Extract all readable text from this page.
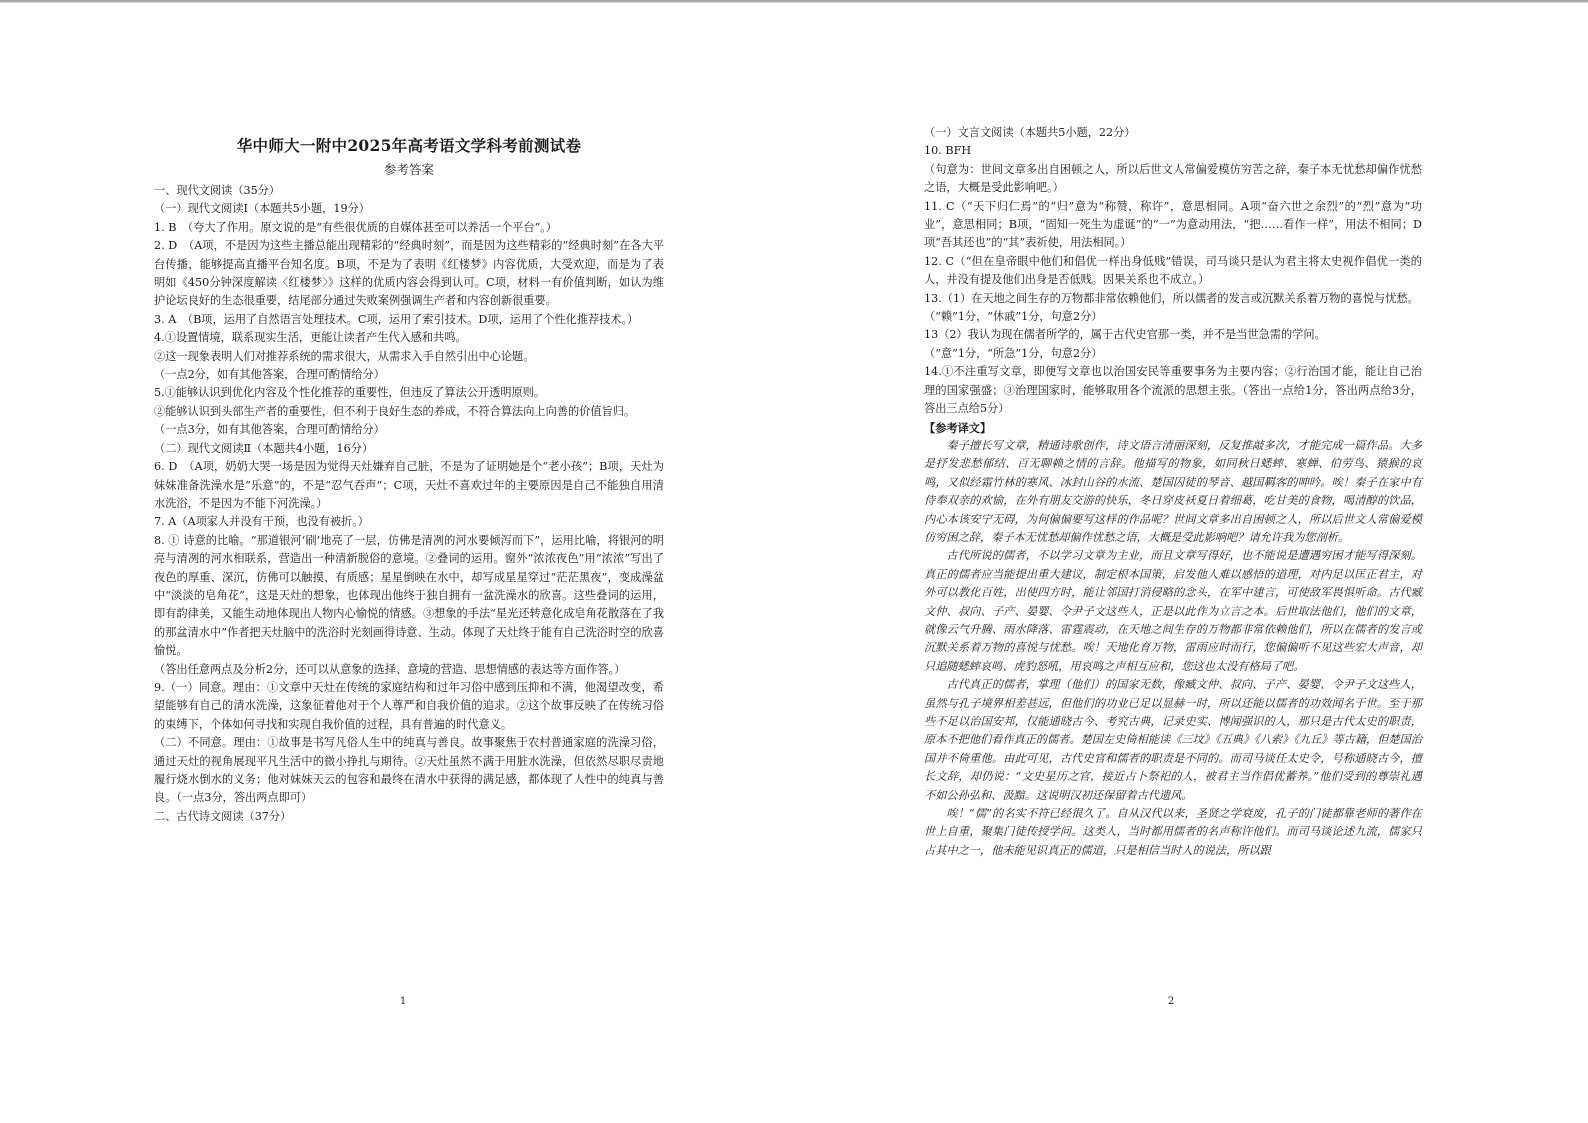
华中师大一附中2025年高考语文学科考前测试卷
参考答案

一、现代文阅读（35分）

（一）现代文阅读Ⅰ（本题共5小题，19分）

1. B　（夸大了作用。原文说的是“有些很优质的自媒体甚至可以养活一个平台”。）

2. D　（A项，不是因为这些主播总能出现精彩的“经典时刻”，而是因为这些精彩的“经典时刻”在各大平台传播，能够提高直播平台知名度。B项，不是为了表明《红楼梦》内容优质，大受欢迎，而是为了表明如《450分钟深度解读〈红楼梦〉》这样的优质内容会得到认可。C项，材料一有价值判断，如认为维护论坛良好的生态很重要，结尾部分通过失败案例强调生产者和内容创新很重要。

3. A　（B项，运用了自然语言处理技术。C项，运用了索引技术。D项，运用了个性化推荐技术。）

4.①设置情境，联系现实生活，更能让读者产生代入感和共鸣。

②这一现象表明人们对推荐系统的需求很大，从需求入手自然引出中心论题。

（一点2分，如有其他答案，合理可酌情给分）

5.①能够认识到优化内容及个性化推荐的重要性，但违反了算法公开透明原则。

②能够认识到头部生产者的重要性，但不利于良好生态的养成，不符合算法向上向善的价值旨归。

（一点3分，如有其他答案，合理可酌情给分）

（二）现代文阅读Ⅱ（本题共4小题，16分）

6. D　（A项，奶奶大哭一场是因为觉得天灶嫌弃自己脏，不是为了证明她是个“老小孩”；B项，天灶为妹妹准备洗澡水是“乐意”的，不是“忍气吞声”；C项，天灶不喜欢过年的主要原因是自己不能独自用清水洗浴，不是因为不能下河洗澡。）

7. A（A项家人并没有干预，也没有被折。）

8. ① 诗意的比喻。“那道银河‘刷’地亮了一层，仿佛是清冽的河水要倾泻而下”，运用比喻，将银河的明亮与清冽的河水相联系，营造出一种清新脱俗的意境。②叠词的运用。窗外“浓浓夜色”用“浓浓”写出了夜色的厚重、深沉，仿佛可以触摸、有质感；星星倒映在水中，却写成星星穿过“茫茫黑夜”，变成澡盆中“淡淡的皂角花”，这是天灶的想象，也体现出他终于独自拥有一盆洗澡水的欣喜。这些叠词的运用，即有韵律美，又能生动地体现出人物内心愉悦的情感。③想象的手法“星光还转意化成皂角花散落在了我的那盆清水中”作者把天灶脑中的洗浴时光刻画得诗意、生动。体现了天灶终于能有自己洗浴时空的欣喜愉悦。

（答出任意两点及分析2分，还可以从意象的选择、意境的营造、思想情感的表达等方面作答。）

9.（一）同意。理由：①文章中天灶在传统的家庭结构和过年习俗中感到压抑和不满，他渴望改变，希望能够有自己的清水洗澡，这象征着他对于个人尊严和自我价值的追求。②这个故事反映了在传统习俗的束缚下，个体如何寻找和实现自我价值的过程，具有普遍的时代意义。

（二）不同意。理由：①故事是书写凡俗人生中的纯真与善良。故事聚焦于农村普通家庭的洗澡习俗，通过天灶的视角展现平凡生活中的微小挣扎与期待。②天灶虽然不满于用脏水洗澡，但依然尽职尽责地履行烧水倒水的义务；他对妹妹天云的包容和最终在清水中获得的满足感，都体现了人性中的纯真与善良。（一点3分，答出两点即可）

二、古代诗文阅读（37分）

1

（一）文言文阅读（本题共5小题，22分）

10. BFH

（句意为：世间文章多出自困顿之人，所以后世文人常偏爱模仿穷苦之辞，秦子本无忧愁却偏作忧愁之语，大概是受此影响吧。）

11. C（“天下归仁焉”的“归”意为“称赞，称许”，意思相同。A项“奋六世之余烈”的“烈”意为“功业”，意思相同；B项，“固知一死生为虚诞”的“一”为意动用法，“把……看作一样”，用法不相同；D项“吾其还也”的“其”表祈使，用法相同。）

12. C（“但在皇帝眼中他们和倡优一样出身低贱”错误，司马谈只是认为君主将太史视作倡优一类的人，并没有提及他们出身是否低贱。因果关系也不成立。）

13.（1）在天地之间生存的万物都非常依赖他们，所以儒者的发言或沉默关系着万物的喜悦与忧愁。

（“赖”1分，“休戚”1分，句意2分）

13（2）我认为现在儒者所学的，属于古代史官那一类，并不是当世急需的学问。

（“意”1分，“所急”1分，句意2分）

14.①不注重写文章，即便写文章也以治国安民等重要事务为主要内容；②行治国才能，能让自己治理的国家强盛；③治理国家时，能够取用各个流派的思想主张。（答出一点给1分，答出两点给3分，答出三点给5分）

【参考译文】

秦子擅长写文章，精通诗歌创作，诗文语言清丽深刻，反复推敲多次，才能完成一篇作品。大多是抒发悲愁郁结、百无聊赖之情的言辞。他描写的物象，如同秋日蟋蟀、寒蝉、伯劳鸟、猿猴的哀鸣，又似经霜竹林的寒风、冰封山谷的水流、楚国囚徒的琴音、越国羁客的呻吟。唉！秦子在家中有侍奉双亲的欢愉，在外有朋友交游的快乐，冬日穿皮袄夏日着细葛，吃甘美的食物，喝清醇的饮品，内心本该安宁无碍，为何偏偏要写这样的作品呢？世间文章多出自困顿之人，所以后世文人常偏爱模仿穷困之辞，秦子本无忧愁却偏作忧愁之语，大概是受此影响吧？请允许我为您剖析。

古代所说的儒者，不以学习文章为主业，而且文章写得好，也不能说是遭遇穷困才能写得深刻。真正的儒者应当能提出重大建议，制定根本国策，启发他人难以感悟的道理，对内足以匡正君主，对外可以教化百姓，出使四方时，能让邻国打消侵略的念头，在军中建言，可使敌军畏惧听命。古代臧文仲、叔向、子产、晏婴、令尹子文这些人，正是以此作为立言之本。后世取法他们，他们的文章，就像云气升腾、雨水降落、雷霆震动，在天地之间生存的万物都非常依赖他们，所以在儒者的发言或沉默关系着万物的喜悦与忧愁。唉！天地化育万物，雷雨应时而行，您偏偏听不见这些宏大声音，却只追随蟋蟀哀鸣、虎豹怒吼，用哀鸣之声相互应和，您这也太没有格局了吧。

古代真正的儒者，掌理（他们）的国家无数，像臧文仲、叔向、子产、晏婴、令尹子文这些人，虽然与孔子境界相差甚远，但他们的功业已足以显赫一时，所以还能以儒者的功效闻名于世。至于那些不足以治国安邦，仅能通晓古今、考究古典，记录史实、博闻强识的人，那只是古代太史的职责，原本不把他们看作真正的儒者。楚国左史倚相能读《三坟》《五典》《八索》《九丘》等古籍，但楚国治国并不倚重他。由此可见，古代史官和儒者的职责是不同的。而司马谈任太史令，号称通晓古今，擅长文辞，却仍说：“文史星历之官，接近占卜祭祀的人，被君主当作倡优蓄养。”他们受到的尊崇礼遇不如公孙弘和、汲黯。这说明汉初还保留着古代遗风。

唉！“儒”的名实不符已经很久了。自从汉代以来，圣贤之学衰废，孔子的门徒都靠老师的著作在世上自重，聚集门徒传授学问。这类人，当时都用儒者的名声称许他们。而司马谈论述九流，儒家只占其中之一，他未能见识真正的儒道，只是相信当时人的说法，所以跟

2
